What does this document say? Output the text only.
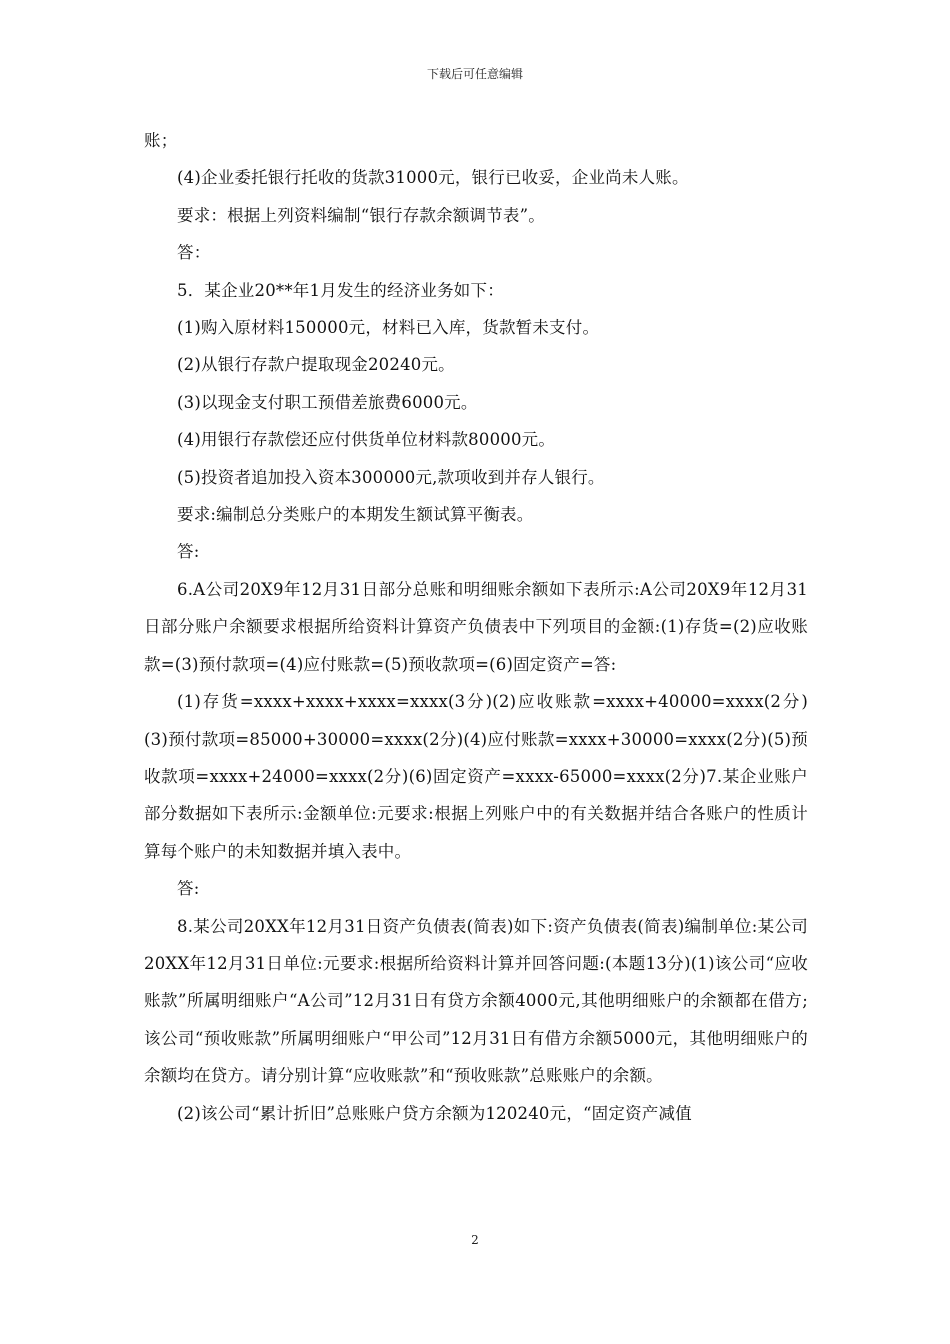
下载后可任意编辑

账；

(4)企业委托银行托收的货款31000元，银行已收妥，企业尚未人账。

要求：根据上列资料编制“银行存款余额调节表”。

答：

5．某企业20**年1月发生的经济业务如下：

(1)购入原材料150000元，材料已入库，货款暂未支付。

(2)从银行存款户提取现金20240元。

(3)以现金支付职工预借差旅费6000元。

(4)用银行存款偿还应付供货单位材料款80000元。

(5)投资者追加投入资本300000元,款项收到并存人银行。

要求:编制总分类账户的本期发生额试算平衡表。

答:

6.A公司20X9年12月31日部分总账和明细账余额如下表所示:A公司20X9年12月31日部分账户余额要求根据所给资料计算资产负债表中下列项目的金额:(1)存货=(2)应收账款=(3)预付款项=(4)应付账款=(5)预收款项=(6)固定资产=答:

(1)存货=xxxx+xxxx+xxxx=xxxx(3分)(2)应收账款=xxxx+40000=xxxx(2分)(3)预付款项=85000+30000=xxxx(2分)(4)应付账款=xxxx+30000=xxxx(2分)(5)预收款项=xxxx+24000=xxxx(2分)(6)固定资产=xxxx-65000=xxxx(2分)7.某企业账户部分数据如下表所示:金额单位:元要求:根据上列账户中的有关数据并结合各账户的性质计算每个账户的未知数据并填入表中。

答:

8.某公司20XX年12月31日资产负债表(简表)如下:资产负债表(简表)编制单位:某公司20XX年12月31日单位:元要求:根据所给资料计算并回答问题:(本题13分)(1)该公司“应收账款”所属明细账户“A公司”12月31日有贷方余额4000元,其他明细账户的余额都在借方;该公司“预收账款”所属明细账户“甲公司”12月31日有借方余额5000元，其他明细账户的余额均在贷方。请分别计算“应收账款”和“预收账款”总账账户的余额。

(2)该公司“累计折旧”总账账户贷方余额为120240元，“固定资产减值

2
